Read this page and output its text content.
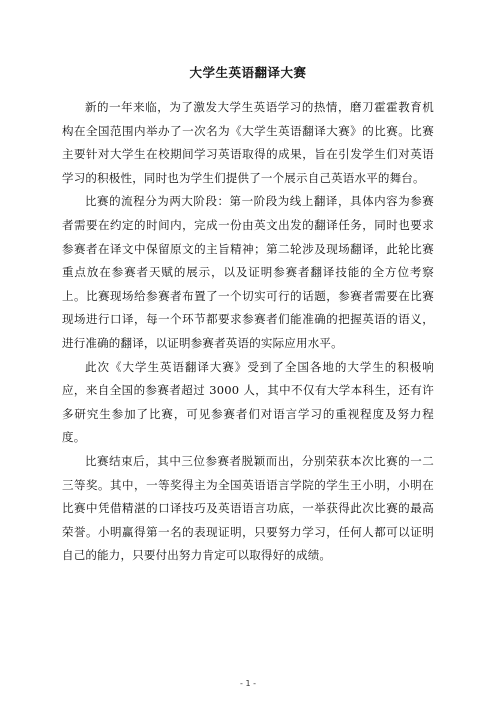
大学生英语翻译大赛

新的一年来临，为了激发大学生英语学习的热情，磨刀霍霍教育机构在全国范围内举办了一次名为《大学生英语翻译大赛》的比赛。比赛主要针对大学生在校期间学习英语取得的成果，旨在引发学生们对英语学习的积极性，同时也为学生们提供了一个展示自己英语水平的舞台。

比赛的流程分为两大阶段：第一阶段为线上翻译，具体内容为参赛者需要在约定的时间内，完成一份由英文出发的翻译任务，同时也要求参赛者在译文中保留原文的主旨精神；第二轮涉及现场翻译，此轮比赛重点放在参赛者天赋的展示，以及证明参赛者翻译技能的全方位考察上。比赛现场给参赛者布置了一个切实可行的话题，参赛者需要在比赛现场进行口译，每一个环节都要求参赛者们能准确的把握英语的语义，进行准确的翻译，以证明参赛者英语的实际应用水平。

此次《大学生英语翻译大赛》受到了全国各地的大学生的积极响应，来自全国的参赛者超过 3000 人，其中不仅有大学本科生，还有许多研究生参加了比赛，可见参赛者们对语言学习的重视程度及努力程度。

比赛结束后，其中三位参赛者脱颖而出，分别荣获本次比赛的一二三等奖。其中，一等奖得主为全国英语语言学院的学生王小明，小明在比赛中凭借精湛的口译技巧及英语语言功底，一举获得此次比赛的最高荣誉。小明赢得第一名的表现证明，只要努力学习，任何人都可以证明自己的能力，只要付出努力肯定可以取得好的成绩。

- 1 -
